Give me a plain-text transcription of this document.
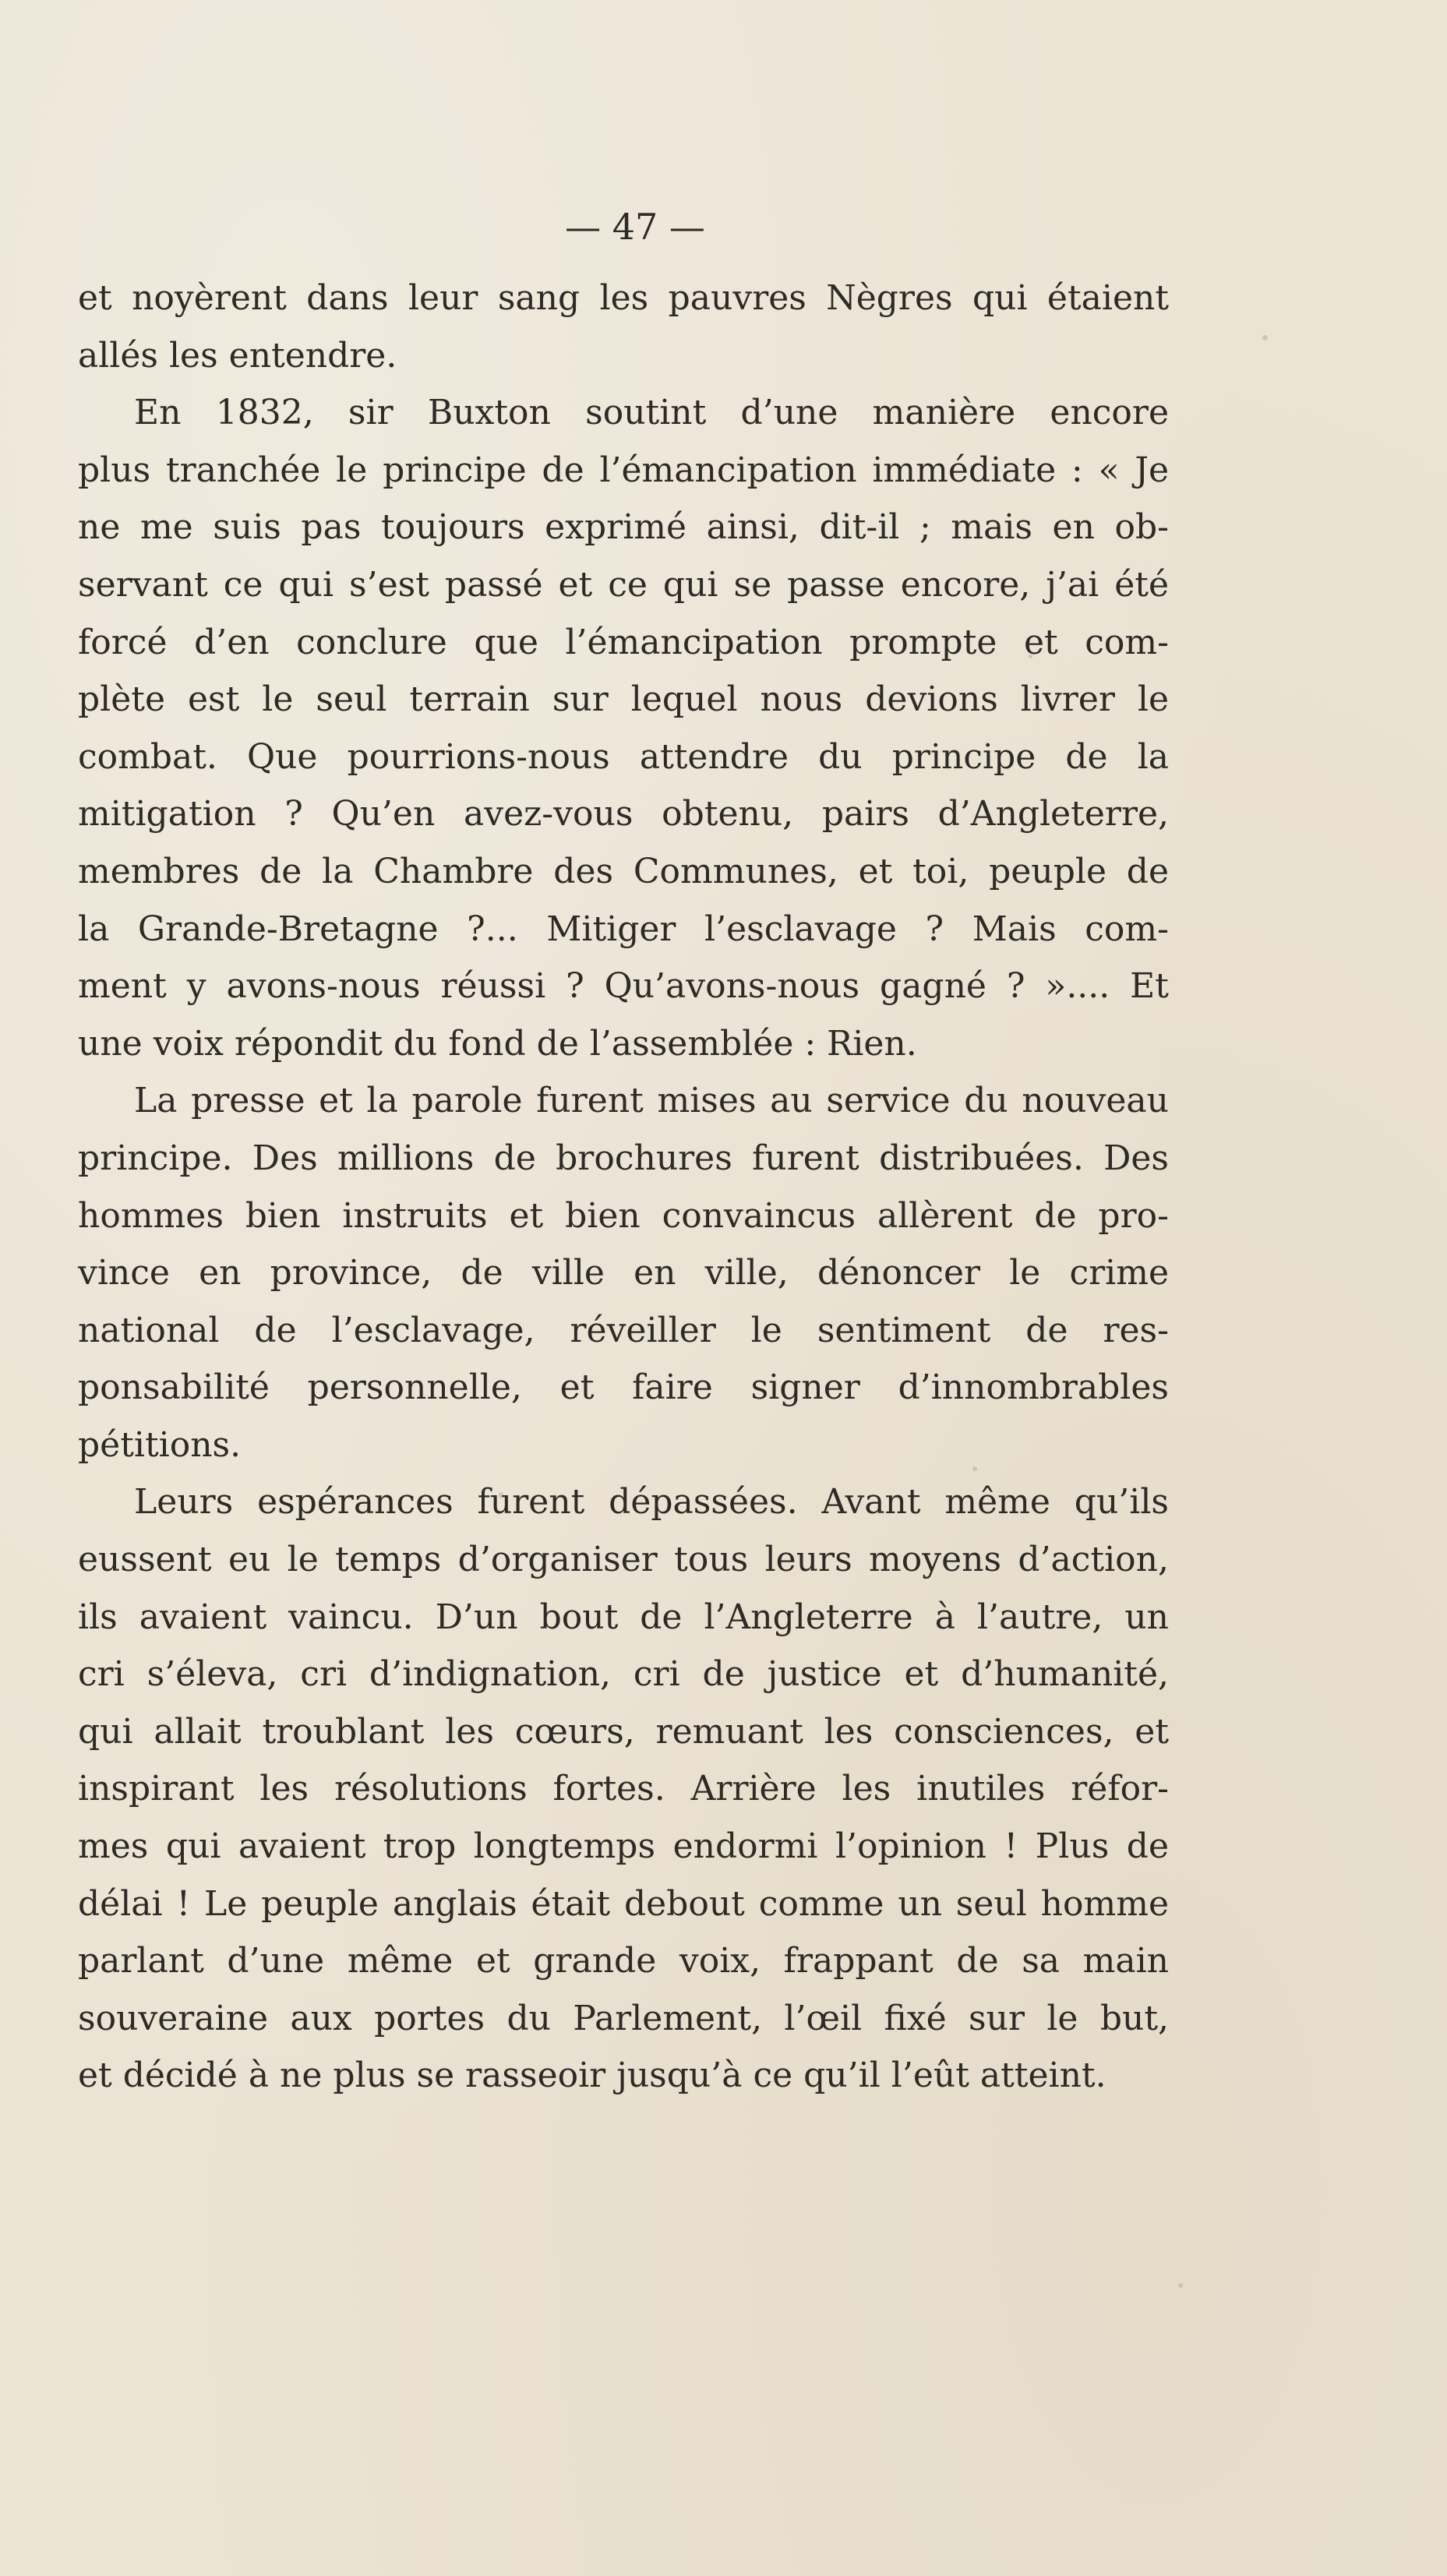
— 47 —
et noyèrent dans leur sang les pauvres Nègres qui étaient
allés les entendre.
En 1832, sir Buxton soutint d’une manière encore
plus tranchée le principe de l’émancipation immédiate : « Je
ne me suis pas toujours exprimé ainsi, dit-il ; mais en ob-
servant ce qui s’est passé et ce qui se passe encore, j’ai été
forcé d’en conclure que l’émancipation prompte et com-
plète est le seul terrain sur lequel nous devions livrer le
combat. Que pourrions-nous attendre du principe de la
mitigation ? Qu’en avez-vous obtenu, pairs d’Angleterre,
membres de la Chambre des Communes, et toi, peuple de
la Grande-Bretagne ?... Mitiger l’esclavage ? Mais com-
ment y avons-nous réussi ? Qu’avons-nous gagné ? ».... Et
une voix répondit du fond de l’assemblée : Rien.
La presse et la parole furent mises au service du nouveau
principe. Des millions de brochures furent distribuées. Des
hommes bien instruits et bien convaincus allèrent de pro-
vince en province, de ville en ville, dénoncer le crime
national de l’esclavage, réveiller le sentiment de res-
ponsabilité personnelle, et faire signer d’innombrables
pétitions.
Leurs espérances furent dépassées. Avant même qu’ils
eussent eu le temps d’organiser tous leurs moyens d’action,
ils avaient vaincu. D’un bout de l’Angleterre à l’autre, un
cri s’éleva, cri d’indignation, cri de justice et d’humanité,
qui allait troublant les cœurs, remuant les consciences, et
inspirant les résolutions fortes. Arrière les inutiles réfor-
mes qui avaient trop longtemps endormi l’opinion ! Plus de
délai ! Le peuple anglais était debout comme un seul homme
parlant d’une même et grande voix, frappant de sa main
souveraine aux portes du Parlement, l’œil fixé sur le but,
et décidé à ne plus se rasseoir jusqu’à ce qu’il l’eût atteint.
